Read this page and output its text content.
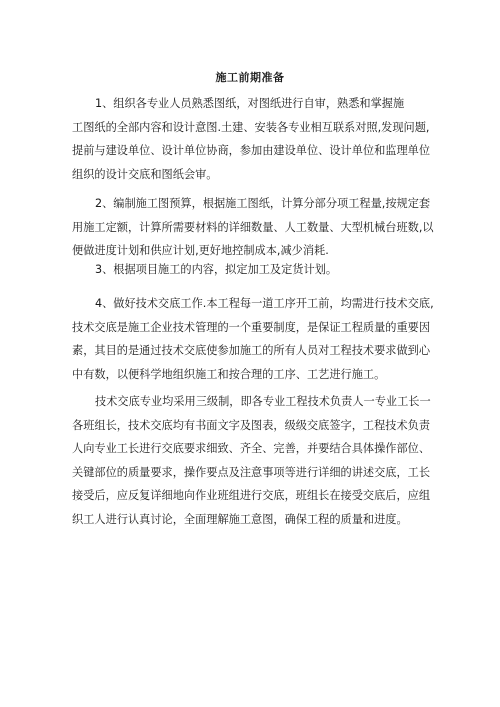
施工前期准备
1、组织各专业人员熟悉图纸，对图纸进行自审，熟悉和掌握施
工图纸的全部内容和设计意图.土建、安装各专业相互联系对照,发现问题,
提前与建设单位、设计单位协商，参加由建设单位、设计单位和监理单位
组织的设计交底和图纸会审。
2、编制施工图预算，根据施工图纸，计算分部分项工程量,按规定套
用施工定额，计算所需要材料的详细数量、人工数量、大型机械台班数,以
便做进度计划和供应计划,更好地控制成本,减少消耗.
3、根据项目施工的内容，拟定加工及定货计划。
4、做好技术交底工作.本工程每一道工序开工前，均需进行技术交底,
技术交底是施工企业技术管理的一个重要制度，是保证工程质量的重要因
素，其目的是通过技术交底使参加施工的所有人员对工程技术要求做到心
中有数，以便科学地组织施工和按合理的工序、工艺进行施工。
技术交底专业均采用三级制，即各专业工程技术负责人一专业工长一
各班组长，技术交底均有书面文字及图表，级级交底签字，工程技术负责
人向专业工长进行交底要求细致、齐全、完善，并要结合具体操作部位、
关键部位的质量要求，操作要点及注意事项等进行详细的讲述交底，工长
接受后，应反复详细地向作业班组进行交底，班组长在接受交底后，应组
织工人进行认真讨论，全面理解施工意图，确保工程的质量和进度。
